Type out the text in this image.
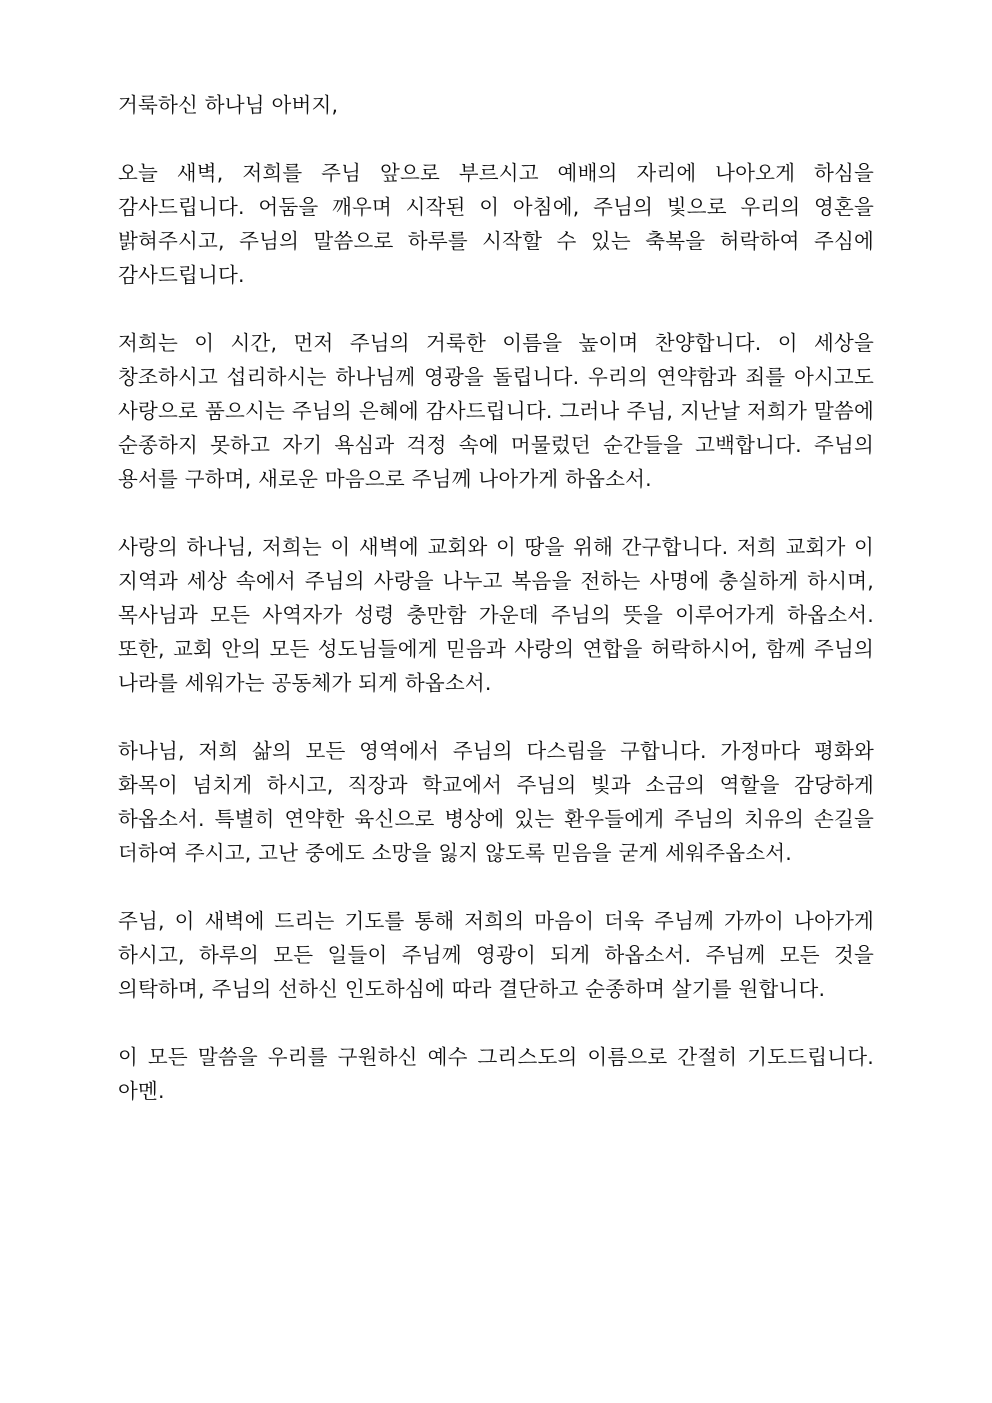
거룩하신 하나님 아버지,

오늘 새벽, 저희를 주님 앞으로 부르시고 예배의 자리에 나아오게 하심을 감사드립니다. 어둠을 깨우며 시작된 이 아침에, 주님의 빛으로 우리의 영혼을 밝혀주시고, 주님의 말씀으로 하루를 시작할 수 있는 축복을 허락하여 주심에 감사드립니다.

저희는 이 시간, 먼저 주님의 거룩한 이름을 높이며 찬양합니다. 이 세상을 창조하시고 섭리하시는 하나님께 영광을 돌립니다. 우리의 연약함과 죄를 아시고도 사랑으로 품으시는 주님의 은혜에 감사드립니다. 그러나 주님, 지난날 저희가 말씀에 순종하지 못하고 자기 욕심과 걱정 속에 머물렀던 순간들을 고백합니다. 주님의 용서를 구하며, 새로운 마음으로 주님께 나아가게 하옵소서.

사랑의 하나님, 저희는 이 새벽에 교회와 이 땅을 위해 간구합니다. 저희 교회가 이 지역과 세상 속에서 주님의 사랑을 나누고 복음을 전하는 사명에 충실하게 하시며, 목사님과 모든 사역자가 성령 충만함 가운데 주님의 뜻을 이루어가게 하옵소서. 또한, 교회 안의 모든 성도님들에게 믿음과 사랑의 연합을 허락하시어, 함께 주님의 나라를 세워가는 공동체가 되게 하옵소서.

하나님, 저희 삶의 모든 영역에서 주님의 다스림을 구합니다. 가정마다 평화와 화목이 넘치게 하시고, 직장과 학교에서 주님의 빛과 소금의 역할을 감당하게 하옵소서. 특별히 연약한 육신으로 병상에 있는 환우들에게 주님의 치유의 손길을 더하여 주시고, 고난 중에도 소망을 잃지 않도록 믿음을 굳게 세워주옵소서.

주님, 이 새벽에 드리는 기도를 통해 저희의 마음이 더욱 주님께 가까이 나아가게 하시고, 하루의 모든 일들이 주님께 영광이 되게 하옵소서. 주님께 모든 것을 의탁하며, 주님의 선하신 인도하심에 따라 결단하고 순종하며 살기를 원합니다.

이 모든 말씀을 우리를 구원하신 예수 그리스도의 이름으로 간절히 기도드립니다. 아멘.
